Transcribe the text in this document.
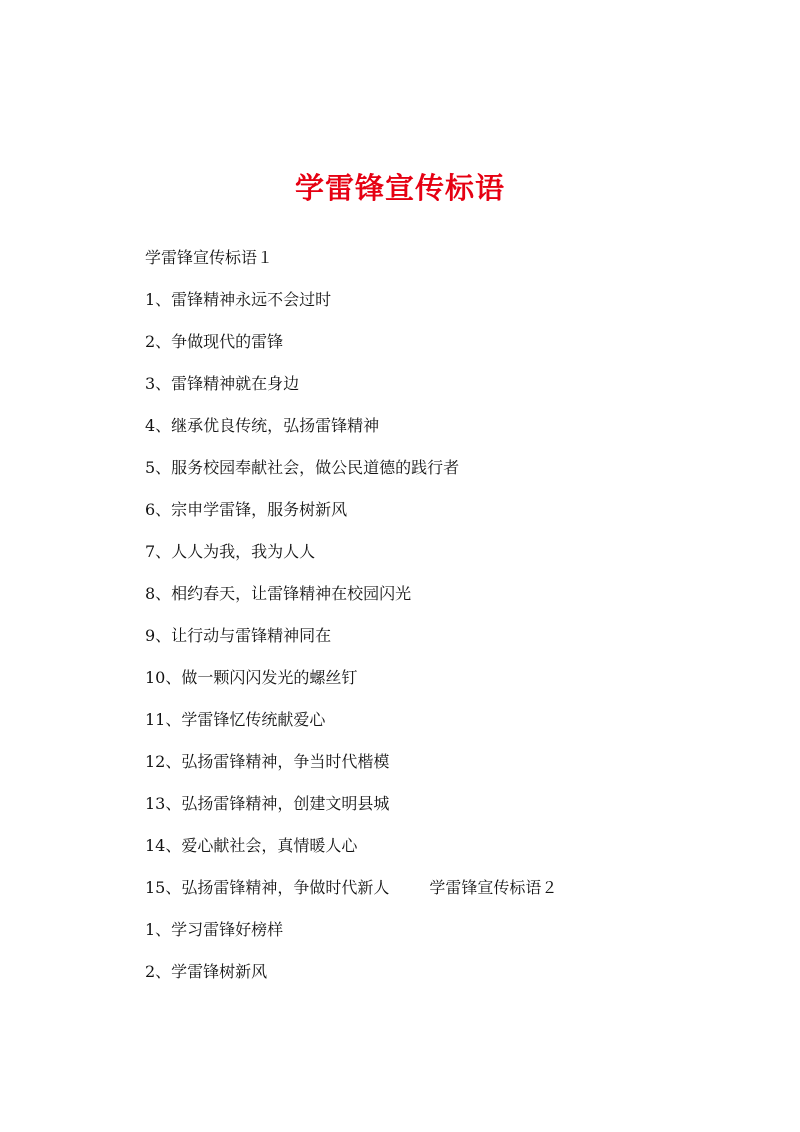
学雷锋宣传标语
学雷锋宣传标语１
1、雷锋精神永远不会过时
2、争做现代的雷锋
3、雷锋精神就在身边
4、继承优良传统，弘扬雷锋精神
5、服务校园奉献社会，做公民道德的践行者
6、宗申学雷锋，服务树新风
7、人人为我，我为人人
8、相约春天，让雷锋精神在校园闪光
9、让行动与雷锋精神同在
10、做一颗闪闪发光的螺丝钉
11、学雷锋忆传统献爱心
12、弘扬雷锋精神，争当时代楷模
13、弘扬雷锋精神，创建文明县城
14、爱心献社会，真情暖人心
15、弘扬雷锋精神，争做时代新人	学雷锋宣传标语２
1、学习雷锋好榜样
2、学雷锋树新风
